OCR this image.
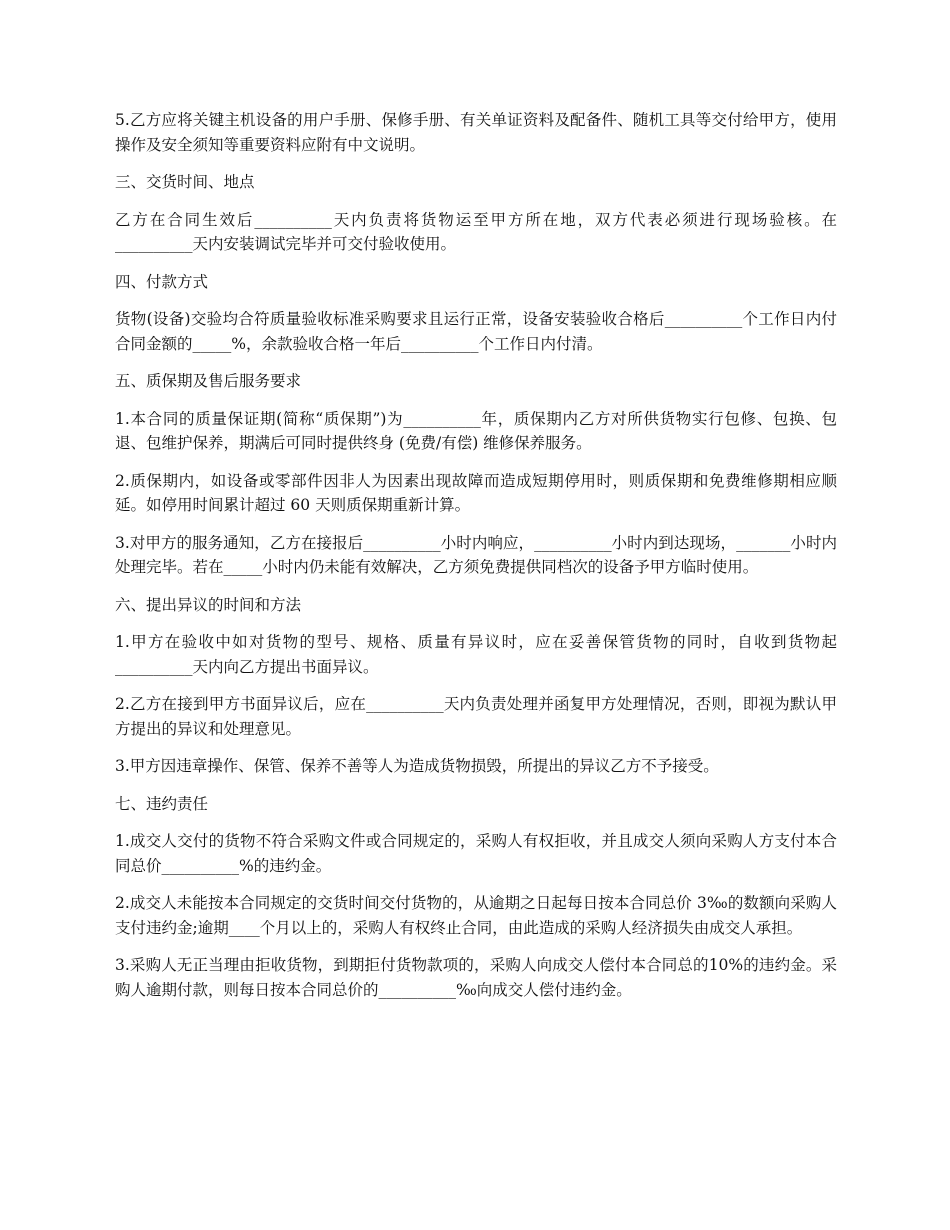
5.乙方应将关键主机设备的用户手册、保修手册、有关单证资料及配备件、随机工具等交付给甲方，使用操作及安全须知等重要资料应附有中文说明。

三、交货时间、地点

乙方在合同生效后__________天内负责将货物运至甲方所在地，双方代表必须进行现场验核。在__________天内安装调试完毕并可交付验收使用。

四、付款方式

货物(设备)交验均合符质量验收标准采购要求且运行正常，设备安装验收合格后__________个工作日内付合同金额的_____%，余款验收合格一年后__________个工作日内付清。

五、质保期及售后服务要求

1.本合同的质量保证期(简称“质保期”)为__________年，质保期内乙方对所供货物实行包修、包换、包退、包维护保养，期满后可同时提供终身 (免费/有偿) 维修保养服务。

2.质保期内，如设备或零部件因非人为因素出现故障而造成短期停用时，则质保期和免费维修期相应顺延。如停用时间累计超过 60 天则质保期重新计算。

3.对甲方的服务通知，乙方在接报后__________小时内响应，__________小时内到达现场，_______小时内处理完毕。若在_____小时内仍未能有效解决，乙方须免费提供同档次的设备予甲方临时使用。

六、提出异议的时间和方法

1.甲方在验收中如对货物的型号、规格、质量有异议时，应在妥善保管货物的同时，自收到货物起__________天内向乙方提出书面异议。

2.乙方在接到甲方书面异议后，应在__________天内负责处理并函复甲方处理情况，否则，即视为默认甲方提出的异议和处理意见。

3.甲方因违章操作、保管、保养不善等人为造成货物损毁，所提出的异议乙方不予接受。

七、违约责任

1.成交人交付的货物不符合采购文件或合同规定的，采购人有权拒收，并且成交人须向采购人方支付本合同总价__________%的违约金。

2.成交人未能按本合同规定的交货时间交付货物的，从逾期之日起每日按本合同总价 3‰的数额向采购人支付违约金;逾期____个月以上的，采购人有权终止合同，由此造成的采购人经济损失由成交人承担。

3.采购人无正当理由拒收货物，到期拒付货物款项的，采购人向成交人偿付本合同总的10%的违约金。采购人逾期付款，则每日按本合同总价的__________‰向成交人偿付违约金。
